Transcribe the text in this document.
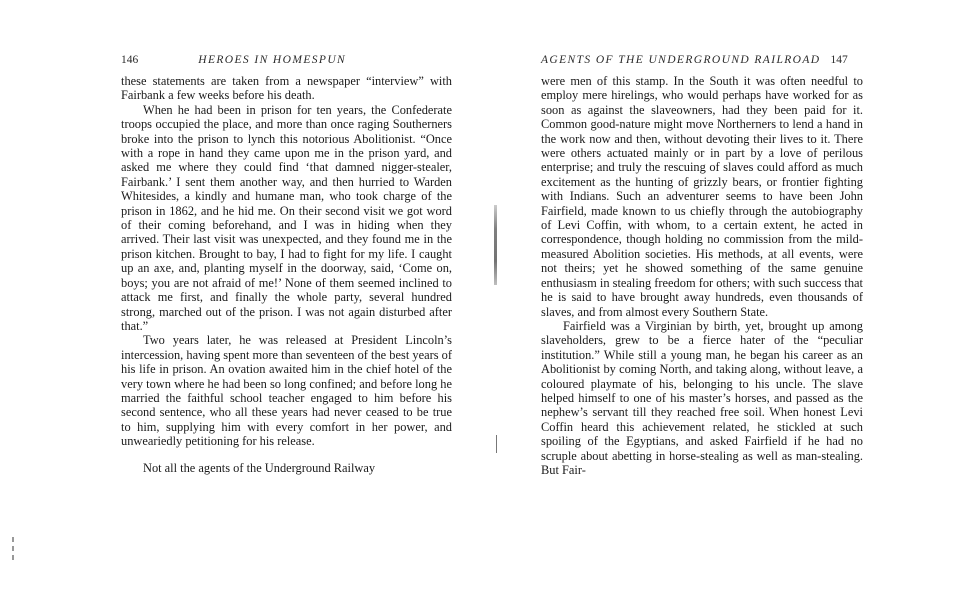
146	HEROES IN HOMESPUN

these statements are taken from a newspaper “interview” with Fairbank a few weeks before his death.

When he had been in prison for ten years, the Confederate troops occupied the place, and more than once raging Southerners broke into the prison to lynch this notorious Abolitionist. “Once with a rope in hand they came upon me in the prison yard, and asked me where they could find ‘that damned nigger-stealer, Fairbank.’ I sent them another way, and then hurried to Warden Whitesides, a kindly and humane man, who took charge of the prison in 1862, and he hid me. On their second visit we got word of their coming beforehand, and I was in hiding when they arrived. Their last visit was unexpected, and they found me in the prison kitchen. Brought to bay, I had to fight for my life. I caught up an axe, and, planting myself in the doorway, said, ‘Come on, boys; you are not afraid of me!’ None of them seemed inclined to attack me first, and finally the whole party, several hundred strong, marched out of the prison. I was not again disturbed after that.”

Two years later, he was released at President Lincoln’s intercession, having spent more than seventeen of the best years of his life in prison. An ovation awaited him in the chief hotel of the very town where he had been so long confined; and before long he married the faithful school teacher engaged to him before his second sentence, who all these years had never ceased to be true to him, supplying him with every comfort in her power, and unweariedly petitioning for his release.

Not all the agents of the Underground Railway

AGENTS OF THE UNDERGROUND RAILROAD 147

were men of this stamp. In the South it was often needful to employ mere hirelings, who would perhaps have worked for as soon as against the slaveowners, had they been paid for it. Common good-nature might move Northerners to lend a hand in the work now and then, without devoting their lives to it. There were others actuated mainly or in part by a love of perilous enterprise; and truly the rescuing of slaves could afford as much excitement as the hunting of grizzly bears, or frontier fighting with Indians. Such an adventurer seems to have been John Fairfield, made known to us chiefly through the autobiography of Levi Coffin, with whom, to a certain extent, he acted in correspondence, though holding no commission from the mild-measured Abolition societies. His methods, at all events, were not theirs; yet he showed something of the same genuine enthusiasm in stealing freedom for others; with such success that he is said to have brought away hundreds, even thousands of slaves, and from almost every Southern State.

Fairfield was a Virginian by birth, yet, brought up among slaveholders, grew to be a fierce hater of the “peculiar institution.” While still a young man, he began his career as an Abolitionist by coming North, and taking along, without leave, a coloured playmate of his, belonging to his uncle. The slave helped himself to one of his master’s horses, and passed as the nephew’s servant till they reached free soil. When honest Levi Coffin heard this achievement related, he stickled at such spoiling of the Egyptians, and asked Fairfield if he had no scruple about abetting in horse-stealing as well as man-stealing. But Fair-
